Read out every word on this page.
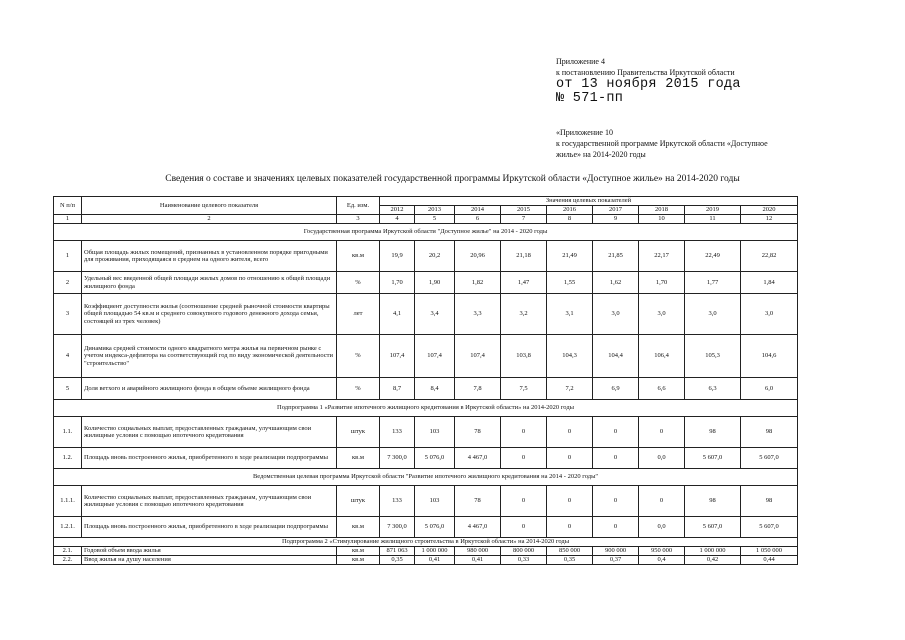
Приложение 4
к постановлению Правительства Иркутской области
от 13 ноября 2015 года
№ 571-пп
«Приложение 10
к государственной программе Иркутской области «Доступное жилье» на 2014-2020 годы
Сведения о составе и значениях целевых показателей государственной программы Иркутской области «Доступное жилье» на 2014-2020 годы
N п/п	Наименование целевого показателя	Ед. изм.	Значения целевых показателей								
			2012	2013	2014	2015	2016	2017	2018	2019	2020
1	2	3	4	5	6	7	8	9	10	11	12
Государственная программа Иркутской области "Доступное жилье" на 2014 - 2020 годы											
1	Общая площадь жилых помещений, признанных в установленном порядке пригодными для проживания, приходящаяся в среднем на одного жителя, всего	кв.м	19,9	20,2	20,96	21,18	21,49	21,85	22,17	22,49	22,82
2	Удельный вес введенной общей площади жилых домов по отношению к общей площади жилищного фонда	%	1,70	1,90	1,82	1,47	1,55	1,62	1,70	1,77	1,84
3	Коэффициент доступности жилья (соотношение средней рыночной стоимости квартиры общей площадью 54 кв.м и среднего совокупного годового денежного дохода семьи, состоящей из трех человек)	лет	4,1	3,4	3,3	3,2	3,1	3,0	3,0	3,0	3,0
4	Динамика средней стоимости одного квадратного метра жилья на первичном рынке с учетом индекса-дефлятора на соответствующий год по виду экономической деятельности "строительство"	%	107,4	107,4	107,4	103,8	104,3	104,4	106,4	105,3	104,6
5	Доля ветхого и аварийного жилищного фонда в общем объеме жилищного фонда	%	8,7	8,4	7,8	7,5	7,2	6,9	6,6	6,3	6,0
Подпрограмма 1 «Развитие ипотечного жилищного кредитования в Иркутской области» на 2014-2020 годы											
1.1.	Количество социальных выплат, предоставленных гражданам, улучшающим свои жилищные условия с помощью ипотечного кредитования	штук	133	103	78	0	0	0	0	98	98
1.2.	Площадь вновь построенного жилья, приобретенного в ходе реализации подпрограммы	кв.м	7 300,0	5 076,0	4 467,0	0	0	0	0,0	5 607,0	5 607,0
Ведомственная целевая программа Иркутской области "Развитие ипотечного жилищного кредитования на 2014 - 2020 годы"											
1.1.1.	Количество социальных выплат, предоставленных гражданам, улучшающим свои жилищные условия с помощью ипотечного кредитования	штук	133	103	78	0	0	0	0	98	98
1.2.1.	Площадь вновь построенного жилья, приобретенного в ходе реализации подпрограммы	кв.м	7 300,0	5 076,0	4 467,0	0	0	0	0,0	5 607,0	5 607,0
Подпрограмма 2 «Стимулирование жилищного строительства в Иркутской области» на 2014-2020 годы											
2.1.	Годовой объем ввода жилья	кв.м	871 063	1 000 000	980 000	800 000	850 000	900 000	950 000	1 000 000	1 050 000
2.2.	Ввод жилья на душу населения	кв.м	0,35	0,41	0,41	0,33	0,35	0,37	0,4	0,42	0,44
